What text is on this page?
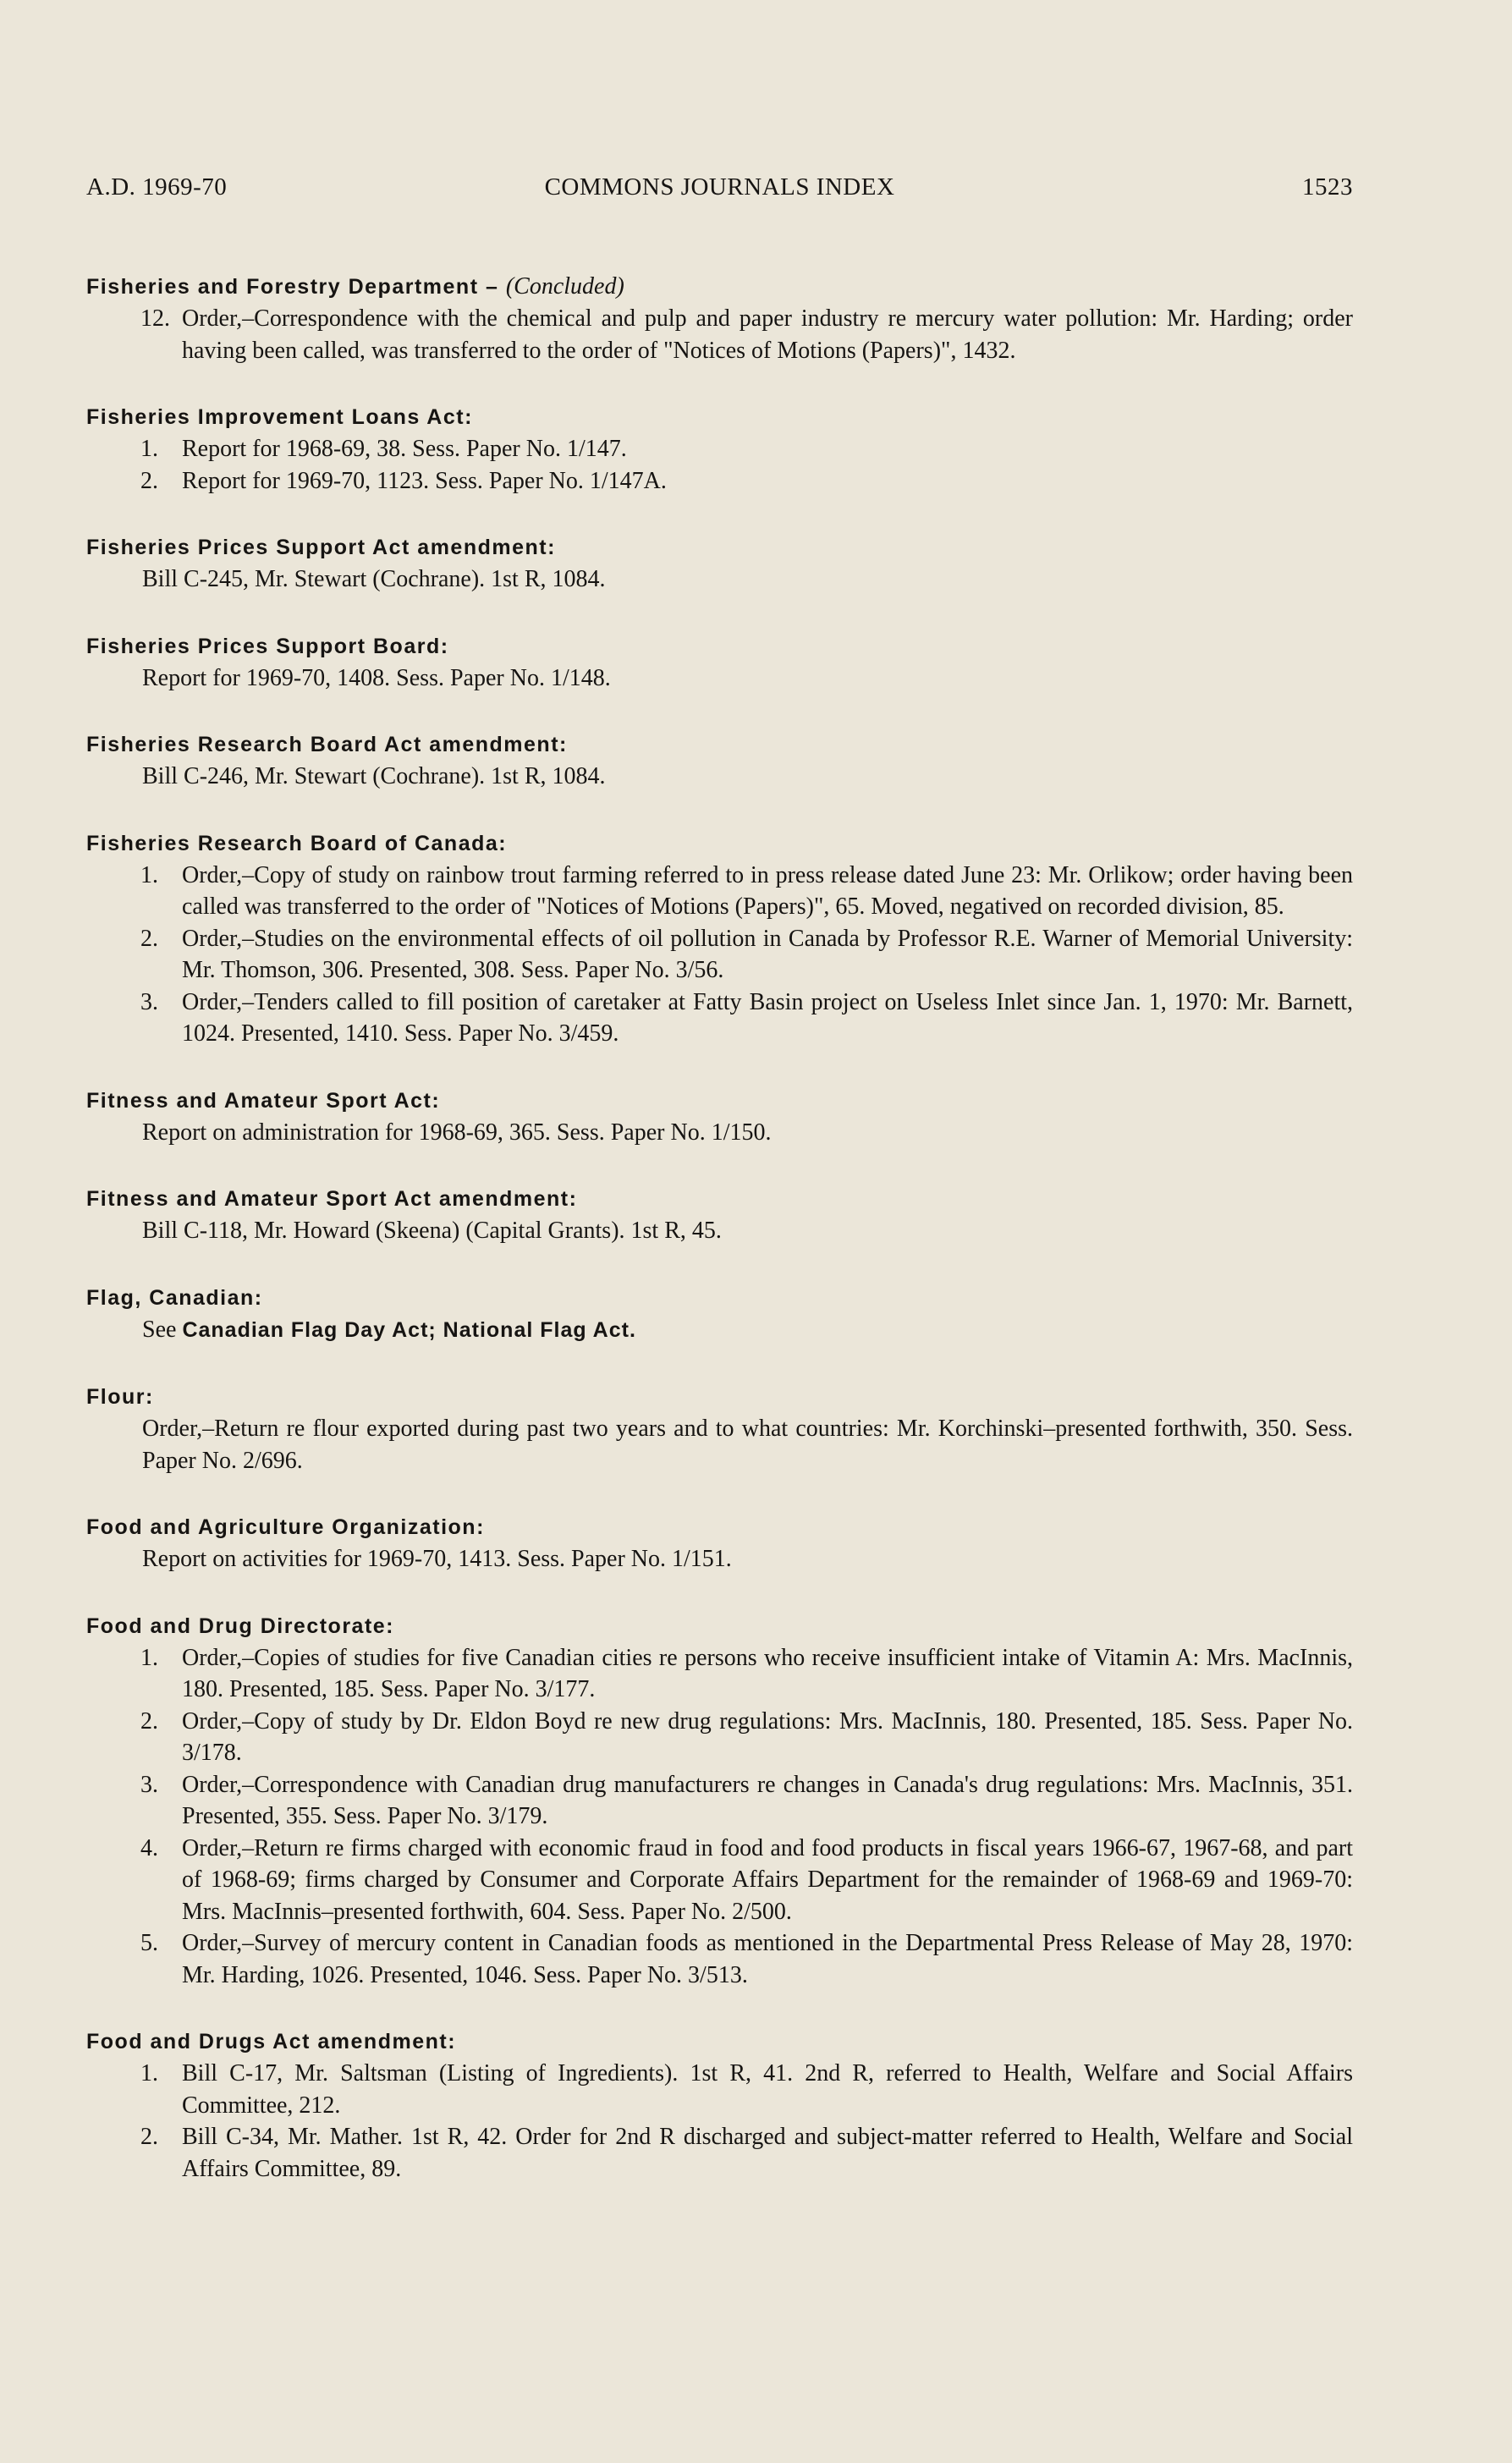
A.D. 1969-70	COMMONS JOURNALS INDEX	1523
Fisheries and Forestry Department – (Concluded)
12. Order,–Correspondence with the chemical and pulp and paper industry re mercury water pollution: Mr. Harding; order having been called, was transferred to the order of "Notices of Motions (Papers)", 1432.
Fisheries Improvement Loans Act:
1. Report for 1968-69, 38. Sess. Paper No. 1/147.
2. Report for 1969-70, 1123. Sess. Paper No. 1/147A.
Fisheries Prices Support Act amendment:
Bill C-245, Mr. Stewart (Cochrane). 1st R, 1084.
Fisheries Prices Support Board:
Report for 1969-70, 1408. Sess. Paper No. 1/148.
Fisheries Research Board Act amendment:
Bill C-246, Mr. Stewart (Cochrane). 1st R, 1084.
Fisheries Research Board of Canada:
1. Order,–Copy of study on rainbow trout farming referred to in press release dated June 23: Mr. Orlikow; order having been called was transferred to the order of "Notices of Motions (Papers)", 65. Moved, negatived on recorded division, 85.
2. Order,–Studies on the environmental effects of oil pollution in Canada by Professor R.E. Warner of Memorial University: Mr. Thomson, 306. Presented, 308. Sess. Paper No. 3/56.
3. Order,–Tenders called to fill position of caretaker at Fatty Basin project on Useless Inlet since Jan. 1, 1970: Mr. Barnett, 1024. Presented, 1410. Sess. Paper No. 3/459.
Fitness and Amateur Sport Act:
Report on administration for 1968-69, 365. Sess. Paper No. 1/150.
Fitness and Amateur Sport Act amendment:
Bill C-118, Mr. Howard (Skeena) (Capital Grants). 1st R, 45.
Flag, Canadian:
See Canadian Flag Day Act; National Flag Act.
Flour:
Order,–Return re flour exported during past two years and to what countries: Mr. Korchinski–presented forthwith, 350. Sess. Paper No. 2/696.
Food and Agriculture Organization:
Report on activities for 1969-70, 1413. Sess. Paper No. 1/151.
Food and Drug Directorate:
1. Order,–Copies of studies for five Canadian cities re persons who receive insufficient intake of Vitamin A: Mrs. MacInnis, 180. Presented, 185. Sess. Paper No. 3/177.
2. Order,–Copy of study by Dr. Eldon Boyd re new drug regulations: Mrs. MacInnis, 180. Presented, 185. Sess. Paper No. 3/178.
3. Order,–Correspondence with Canadian drug manufacturers re changes in Canada's drug regulations: Mrs. MacInnis, 351. Presented, 355. Sess. Paper No. 3/179.
4. Order,–Return re firms charged with economic fraud in food and food products in fiscal years 1966-67, 1967-68, and part of 1968-69; firms charged by Consumer and Corporate Affairs Department for the remainder of 1968-69 and 1969-70: Mrs. MacInnis–presented forthwith, 604. Sess. Paper No. 2/500.
5. Order,–Survey of mercury content in Canadian foods as mentioned in the Departmental Press Release of May 28, 1970: Mr. Harding, 1026. Presented, 1046. Sess. Paper No. 3/513.
Food and Drugs Act amendment:
1. Bill C-17, Mr. Saltsman (Listing of Ingredients). 1st R, 41. 2nd R, referred to Health, Welfare and Social Affairs Committee, 212.
2. Bill C-34, Mr. Mather. 1st R, 42. Order for 2nd R discharged and subject-matter referred to Health, Welfare and Social Affairs Committee, 89.
